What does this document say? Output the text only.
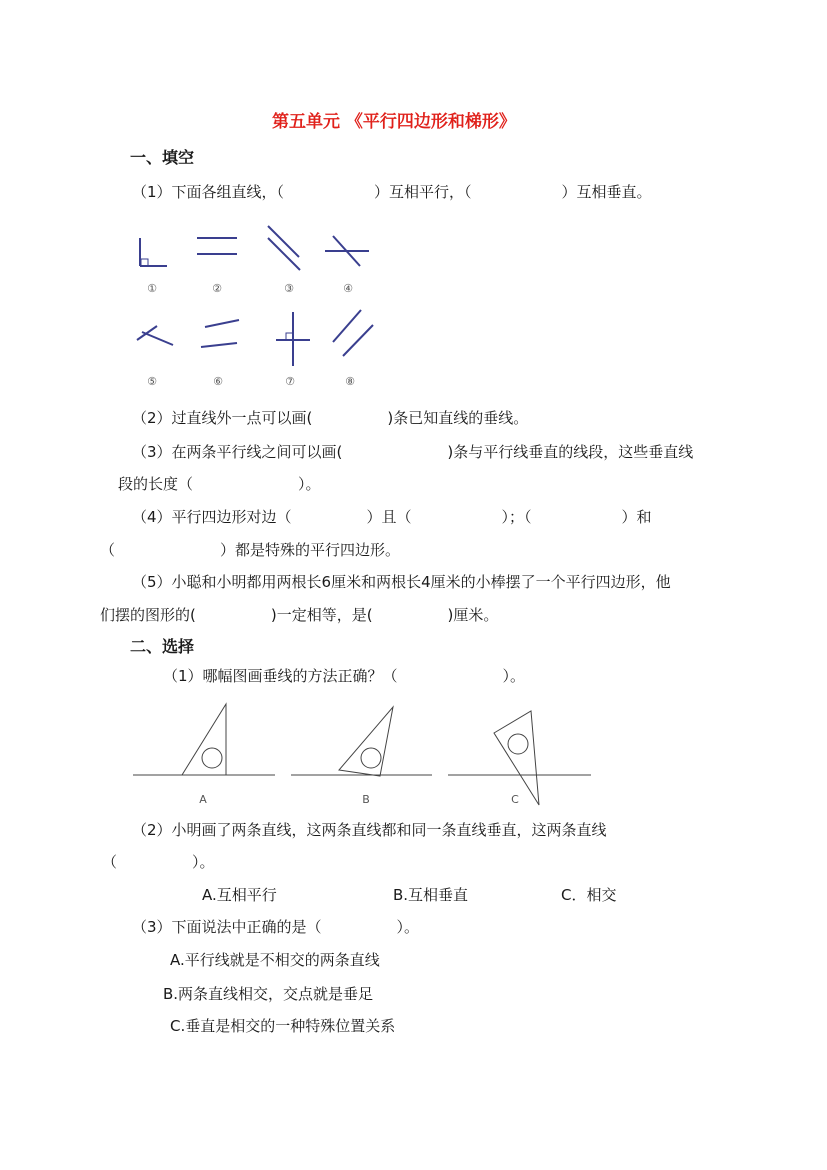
第五单元 《平行四边形和梯形》
一、填空
（1）下面各组直线，（　　　　　　）互相平行，（　　　　　　）互相垂直。
①	②	③	④
⑤	⑥	⑦	⑧
A	B	C
（2）过直线外一点可以画(　　　　　)条已知直线的垂线。
（3）在两条平行线之间可以画(　　　　　　　)条与平行线垂直的线段，这些垂直线
段的长度（　　　　　　　）。
（4）平行四边形对边（　　　　　）且（　　　　　　）；（　　　　　　）和
（　　　　　　　）都是特殊的平行四边形。
（5）小聪和小明都用两根长6厘米和两根长4厘米的小棒摆了一个平行四边形，他
们摆的图形的(　　　　　)一定相等，是(　　　　　)厘米。
二、选择
（1）哪幅图画垂线的方法正确？（　　　　　　　）。
（2）小明画了两条直线，这两条直线都和同一条直线垂直，这两条直线
（　　　　　）。
A.互相平行	B.互相垂直	C．相交
（3）下面说法中正确的是（　　　　　）。
A.平行线就是不相交的两条直线
B.两条直线相交，交点就是垂足
C.垂直是相交的一种特殊位置关系
